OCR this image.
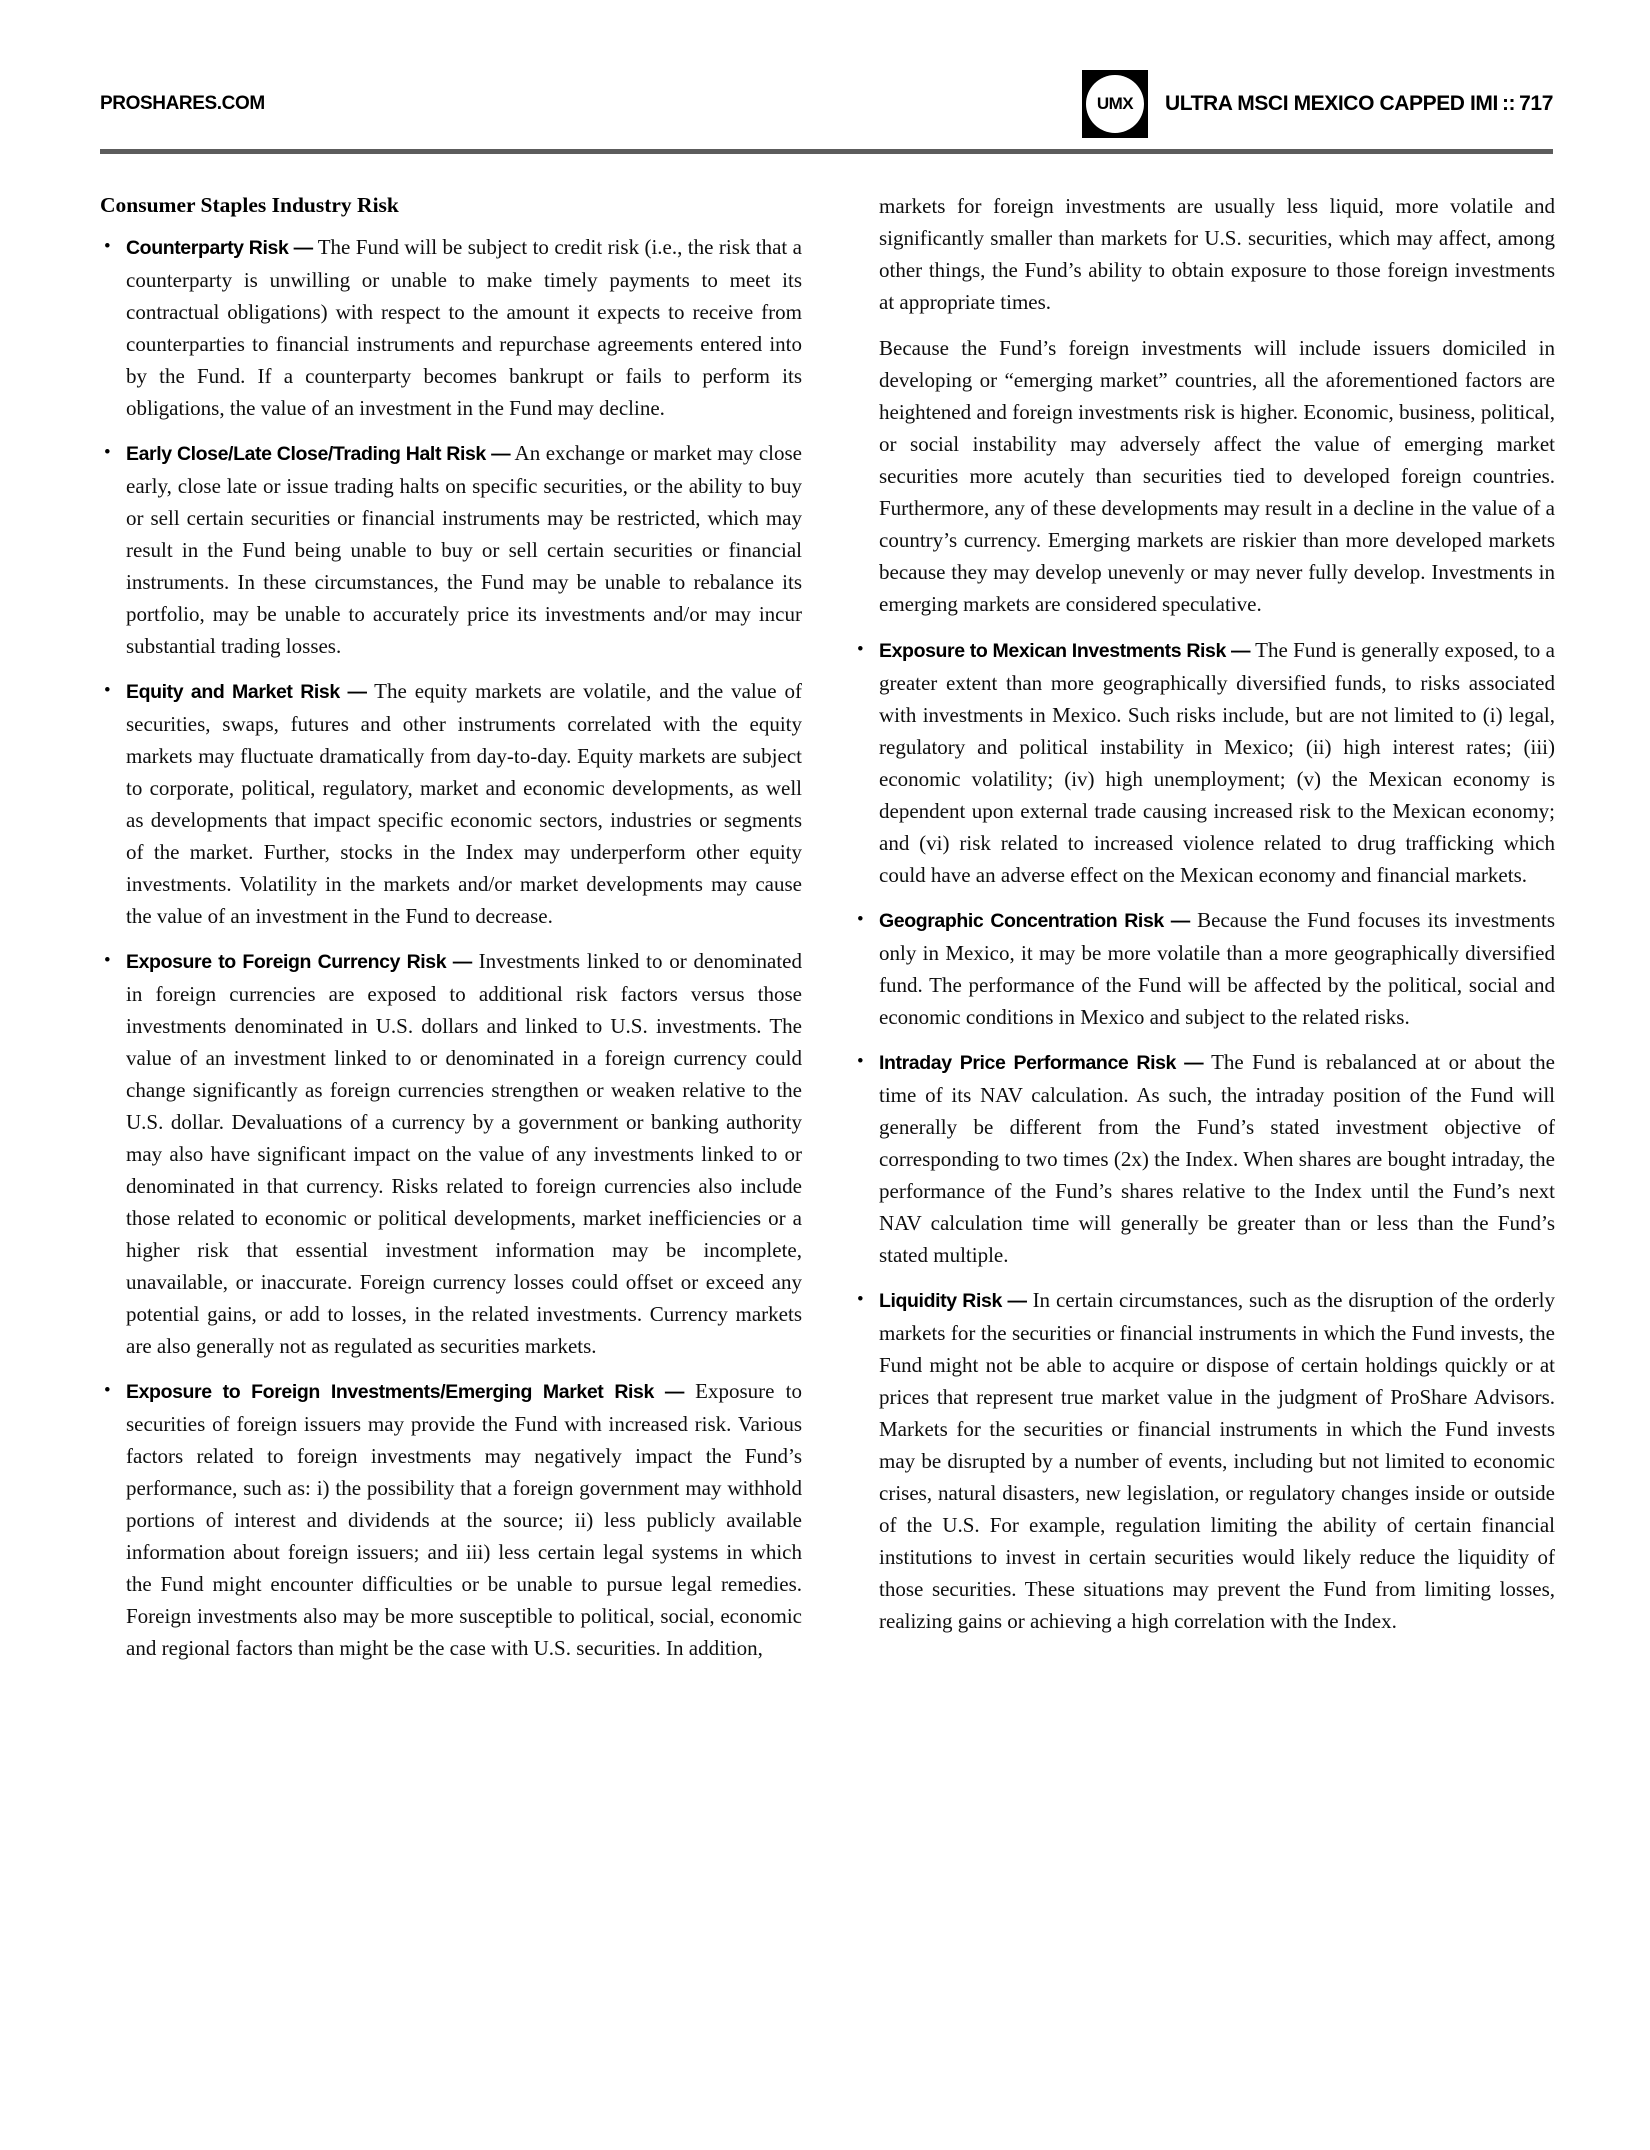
PROSHARES.COM	UMX ULTRA MSCI MEXICO CAPPED IMI :: 717
Consumer Staples Industry Risk
• Counterparty Risk — The Fund will be subject to credit risk (i.e., the risk that a counterparty is unwilling or unable to make timely payments to meet its contractual obligations) with respect to the amount it expects to receive from counterparties to financial instruments and repurchase agreements entered into by the Fund. If a counterparty becomes bankrupt or fails to perform its obligations, the value of an investment in the Fund may decline.
• Early Close/Late Close/Trading Halt Risk — An exchange or market may close early, close late or issue trading halts on specific securities, or the ability to buy or sell certain securities or financial instruments may be restricted, which may result in the Fund being unable to buy or sell certain securities or financial instruments. In these circumstances, the Fund may be unable to rebalance its portfolio, may be unable to accurately price its investments and/or may incur substantial trading losses.
• Equity and Market Risk — The equity markets are volatile, and the value of securities, swaps, futures and other instruments correlated with the equity markets may fluctuate dramatically from day-to-day. Equity markets are subject to corporate, political, regulatory, market and economic developments, as well as developments that impact specific economic sectors, industries or segments of the market. Further, stocks in the Index may underperform other equity investments. Volatility in the markets and/or market developments may cause the value of an investment in the Fund to decrease.
• Exposure to Foreign Currency Risk — Investments linked to or denominated in foreign currencies are exposed to additional risk factors versus those investments denominated in U.S. dollars and linked to U.S. investments. The value of an investment linked to or denominated in a foreign currency could change significantly as foreign currencies strengthen or weaken relative to the U.S. dollar. Devaluations of a currency by a government or banking authority may also have significant impact on the value of any investments linked to or denominated in that currency. Risks related to foreign currencies also include those related to economic or political developments, market inefficiencies or a higher risk that essential investment information may be incomplete, unavailable, or inaccurate. Foreign currency losses could offset or exceed any potential gains, or add to losses, in the related investments. Currency markets are also generally not as regulated as securities markets.
• Exposure to Foreign Investments/Emerging Market Risk — Exposure to securities of foreign issuers may provide the Fund with increased risk. Various factors related to foreign investments may negatively impact the Fund’s performance, such as: i) the possibility that a foreign government may withhold portions of interest and dividends at the source; ii) less publicly available information about foreign issuers; and iii) less certain legal systems in which the Fund might encounter difficulties or be unable to pursue legal remedies. Foreign investments also may be more susceptible to political, social, economic and regional factors than might be the case with U.S. securities. In addition,

markets for foreign investments are usually less liquid, more volatile and significantly smaller than markets for U.S. securities, which may affect, among other things, the Fund’s ability to obtain exposure to those foreign investments at appropriate times.

Because the Fund’s foreign investments will include issuers domiciled in developing or “emerging market” countries, all the aforementioned factors are heightened and foreign investments risk is higher. Economic, business, political, or social instability may adversely affect the value of emerging market securities more acutely than securities tied to developed foreign countries. Furthermore, any of these developments may result in a decline in the value of a country’s currency. Emerging markets are riskier than more developed markets because they may develop unevenly or may never fully develop. Investments in emerging markets are considered speculative.

• Exposure to Mexican Investments Risk — The Fund is generally exposed, to a greater extent than more geographically diversified funds, to risks associated with investments in Mexico. Such risks include, but are not limited to (i) legal, regulatory and political instability in Mexico; (ii) high interest rates; (iii) economic volatility; (iv) high unemployment; (v) the Mexican economy is dependent upon external trade causing increased risk to the Mexican economy; and (vi) risk related to increased violence related to drug trafficking which could have an adverse effect on the Mexican economy and financial markets.
• Geographic Concentration Risk — Because the Fund focuses its investments only in Mexico, it may be more volatile than a more geographically diversified fund. The performance of the Fund will be affected by the political, social and economic conditions in Mexico and subject to the related risks.
• Intraday Price Performance Risk — The Fund is rebalanced at or about the time of its NAV calculation. As such, the intraday position of the Fund will generally be different from the Fund’s stated investment objective of corresponding to two times (2x) the Index. When shares are bought intraday, the performance of the Fund’s shares relative to the Index until the Fund’s next NAV calculation time will generally be greater than or less than the Fund’s stated multiple.
• Liquidity Risk — In certain circumstances, such as the disruption of the orderly markets for the securities or financial instruments in which the Fund invests, the Fund might not be able to acquire or dispose of certain holdings quickly or at prices that represent true market value in the judgment of ProShare Advisors. Markets for the securities or financial instruments in which the Fund invests may be disrupted by a number of events, including but not limited to economic crises, natural disasters, new legislation, or regulatory changes inside or outside of the U.S. For example, regulation limiting the ability of certain financial institutions to invest in certain securities would likely reduce the liquidity of those securities. These situations may prevent the Fund from limiting losses, realizing gains or achieving a high correlation with the Index.
